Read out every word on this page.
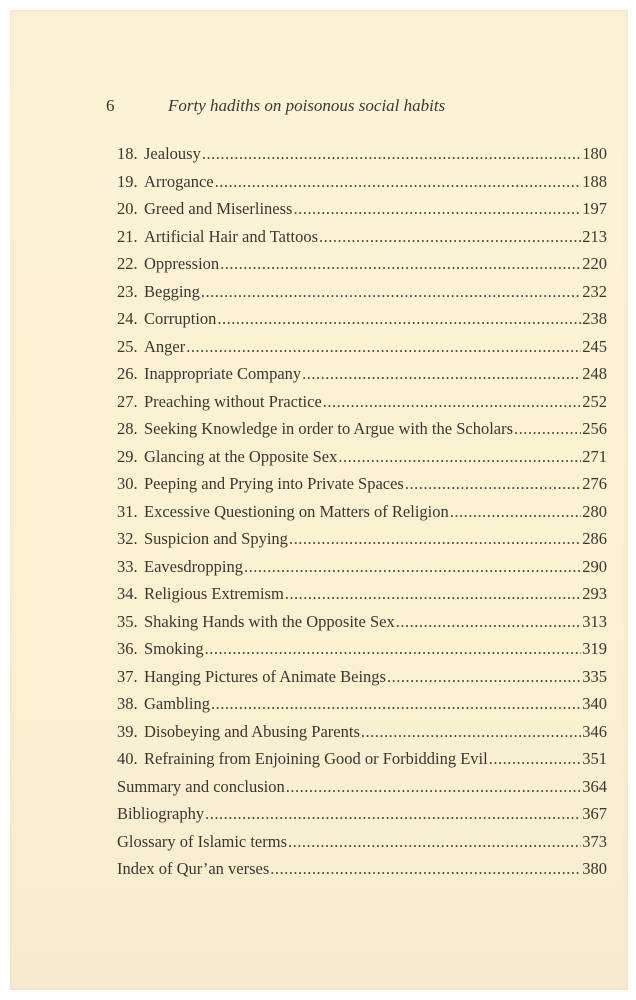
6	Forty hadiths on poisonous social habits
18. Jealousy .....	180
19. Arrogance .....	188
20. Greed and Miserliness .....	197
21. Artificial Hair and Tattoos .....	213
22. Oppression .....	220
23. Begging .....	232
24. Corruption .....	238
25. Anger .....	245
26. Inappropriate Company .....	248
27. Preaching without Practice .....	252
28. Seeking Knowledge in order to Argue with the Scholars .....	256
29. Glancing at the Opposite Sex .....	271
30. Peeping and Prying into Private Spaces .....	276
31. Excessive Questioning on Matters of Religion .....	280
32. Suspicion and Spying .....	286
33. Eavesdropping .....	290
34. Religious Extremism .....	293
35. Shaking Hands with the Opposite Sex .....	313
36. Smoking .....	319
37. Hanging Pictures of Animate Beings .....	335
38. Gambling .....	340
39. Disobeying and Abusing Parents .....	346
40. Refraining from Enjoining Good or Forbidding Evil .....	351
Summary and conclusion .....	364
Bibliography .....	367
Glossary of Islamic terms .....	373
Index of Qur’an verses .....	380
